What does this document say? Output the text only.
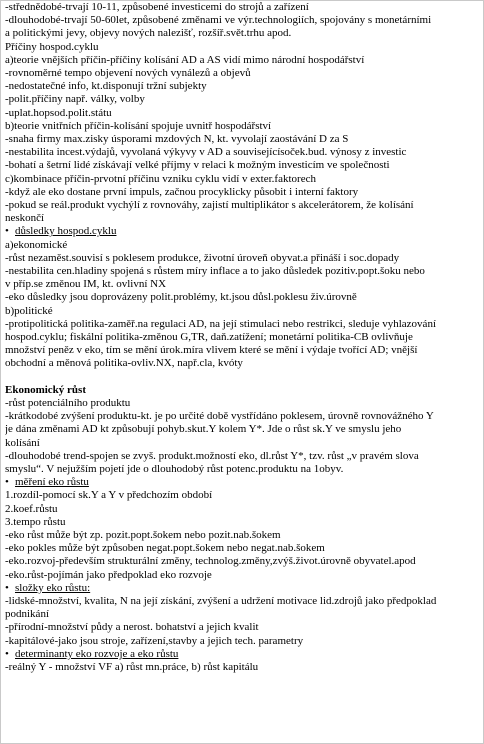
-střednědobé-trvají 10-11, způsobené investicemi do strojů a zařízení
-dlouhodobé-trvají 50-60let, způsobené změnami ve výr.technologiích, spojovány s monetárními
a politickými jevy, objevy nových nalezišť, rozšíř.svět.trhu apod.
Příčiny hospod.cyklu
a)teorie vnějších příčin-příčiny kolísání AD a AS vidí mimo národní hospodářství
-rovnoměrné tempo objevení nových vynálezů a objevů
-nedostatečné info, kt.disponují tržní subjekty
-polit.příčiny např. války, volby
-uplat.hopsod.polit.státu
b)teorie vnitřních příčin-kolísání spojuje uvnitř hospodářství
-snaha firmy max.zisky úsporami mzdových N, kt. vyvolají zaostávání D za S
-nestabilita incest.výdajů, vyvolaná výkyvy v AD a souvisejícísoček.bud. výnosy z investic
-bohatí a šetrní lidé získávají velké příjmy v relaci k možným investicím ve společnosti
c)kombinace příčin-prvotní příčinu vzniku cyklu vidí v exter.faktorech
-když ale eko dostane první impuls, začnou procyklicky působit i interní faktory
-pokud se reál.produkt vychýlí z rovnováhy, zajistí multiplikátor s akcelerátorem, že kolísání
neskončí
• důsledky hospod.cyklu
a)ekonomické
-růst nezaměst.souvisí s poklesem produkce, životní úroveň obyvat.a přináší i soc.dopady
-nestabilita cen.hladiny spojená s růstem míry inflace a to jako důsledek pozitiv.popt.šoku nebo
v příp.se změnou IM, kt. ovlivní NX
-eko důsledky jsou doprovázeny polit.problémy, kt.jsou důsl.poklesu živ.úrovně
b)politické
-protipolitická politika-zaměř.na regulaci AD, na její stimulaci nebo restrikci, sleduje vyhlazování
hospod.cyklu; fiskální politika-změnou G,TR, daň.zatížení; monetární politika-CB ovlivňuje
množství peněz v eko, tím se mění úrok.míra vlivem které se mění i výdaje tvořící AD; vnější
obchodní a měnová politika-ovliv.NX, např.cla, kvóty
Ekonomický růst
-růst potenciálního produktu
-krátkodobé zvýšení produktu-kt. je po určité době vystřídáno poklesem, úrovně rovnovážného Y
je dána změnami AD kt způsobují pohyb.skut.Y kolem Y*. Jde o růst sk.Y ve smyslu jeho
kolísání
-dlouhodobé trend-spojen se zvyš. produkt.možností eko, dl.růst Y*, tzv. růst „v pravém slova
smyslu“. V nejužším pojetí jde o dlouhodobý růst potenc.produktu na 1obyv.
• měření eko růstu
1.rozdíl-pomocí sk.Y a Y v předchozím období
2.koef.růstu
3.tempo růstu
-eko růst může být zp. pozit.popt.šokem nebo pozit.nab.šokem
-eko pokles může být způsoben negat.popt.šokem nebo negat.nab.šokem
-eko.rozvoj-především strukturální změny, technolog.změny,zvýš.život.úrovně obyvatel.apod
-eko.růst-pojímán jako předpoklad eko rozvoje
• složky eko růstu:
-lidské-množství, kvalita, N na její získání, zvýšení a udržení motivace lid.zdrojů jako předpoklad
podnikání
-přírodní-množství půdy a nerost. bohatství a jejich kvalit
-kapitálové-jako jsou stroje, zařízení,stavby a jejich tech. parametry
• determinanty eko rozvoje a eko růstu
-reálný Y - množství VF a) růst mn.práce, b) růst kapitálu
